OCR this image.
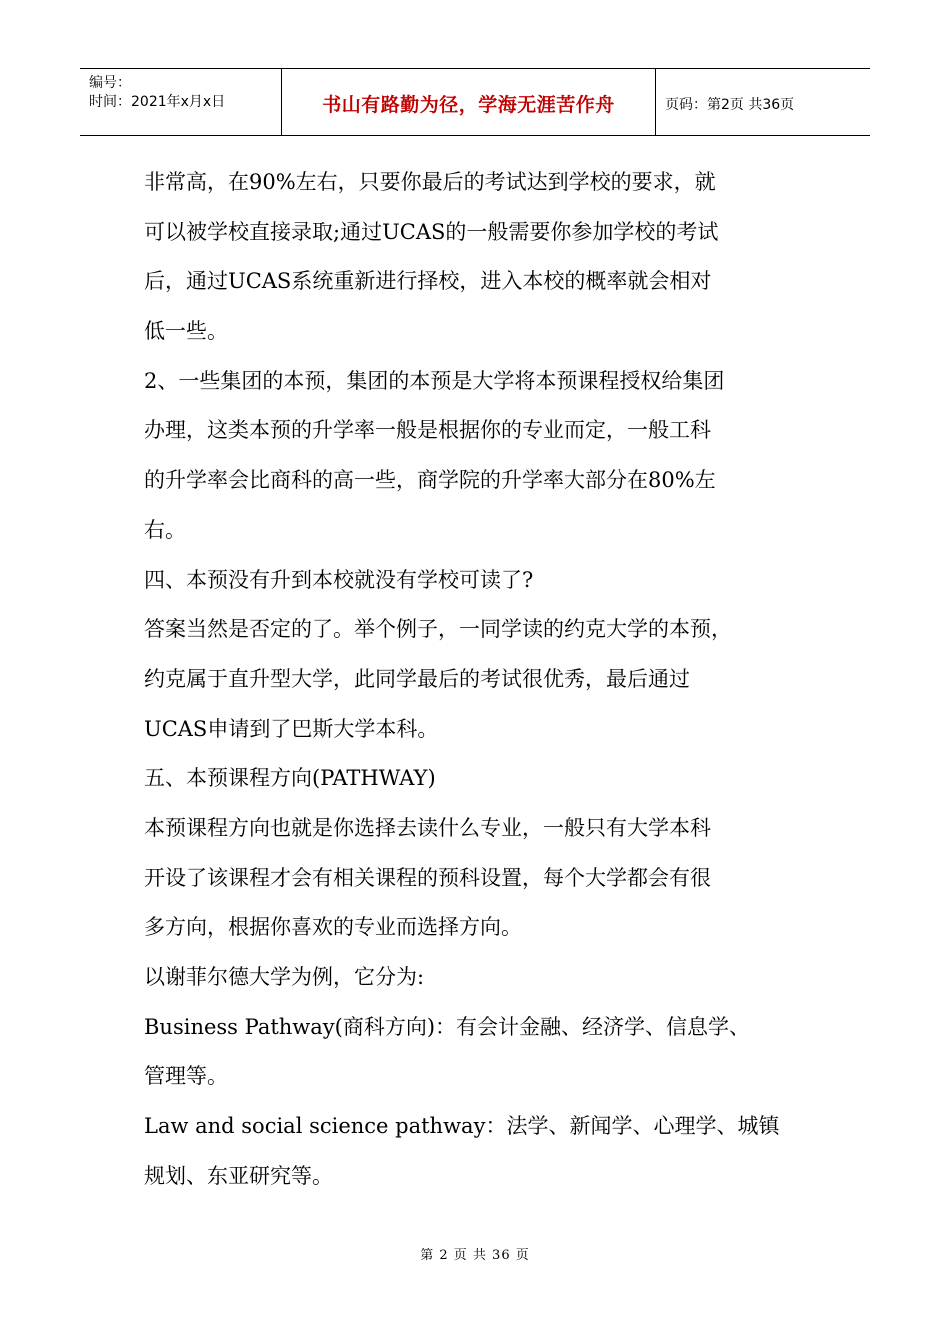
编号：
时间：2021年x月x日	书山有路勤为径，学海无涯苦作舟	页码：第2页 共36页
非常高，在90%左右，只要你最后的考试达到学校的要求，就
可以被学校直接录取;通过UCAS的一般需要你参加学校的考试
后，通过UCAS系统重新进行择校，进入本校的概率就会相对
低一些。
2、一些集团的本预，集团的本预是大学将本预课程授权给集团
办理，这类本预的升学率一般是根据你的专业而定，一般工科
的升学率会比商科的高一些，商学院的升学率大部分在80%左
右。
四、本预没有升到本校就没有学校可读了?
答案当然是否定的了。举个例子，一同学读的约克大学的本预，
约克属于直升型大学，此同学最后的考试很优秀，最后通过
UCAS申请到了巴斯大学本科。
五、本预课程方向(PATHWAY)
本预课程方向也就是你选择去读什么专业，一般只有大学本科
开设了该课程才会有相关课程的预科设置，每个大学都会有很
多方向，根据你喜欢的专业而选择方向。
以谢菲尔德大学为例，它分为:
Business Pathway(商科方向)：有会计金融、经济学、信息学、
管理等。
Law and social science pathway：法学、新闻学、心理学、城镇
规划、东亚研究等。
第 2 页 共 36 页
